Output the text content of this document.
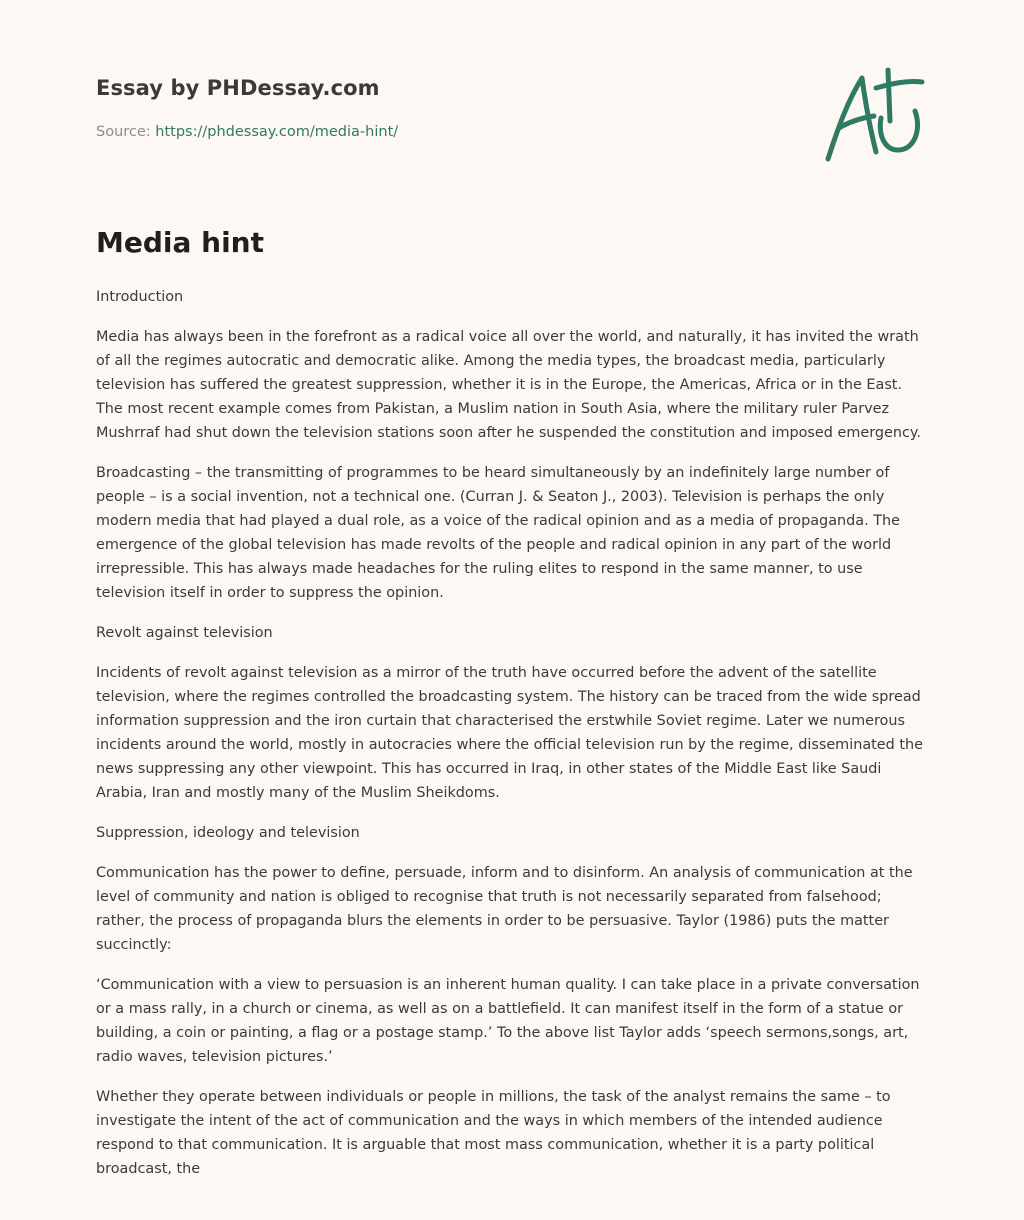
Essay by PHDessay.com
Source: https://phdessay.com/media-hint/
Media hint

Introduction

Media has always been in the forefront as a radical voice all over the world, and naturally, it has invited the wrath of all the regimes autocratic and democratic alike. Among the media types, the broadcast media, particularly television has suffered the greatest suppression, whether it is in the Europe, the Americas, Africa or in the East. The most recent example comes from Pakistan, a Muslim nation in South Asia, where the military ruler Parvez Mushrraf had shut down the television stations soon after he suspended the constitution and imposed emergency.

Broadcasting – the transmitting of programmes to be heard simultaneously by an indefinitely large number of people – is a social invention, not a technical one. (Curran J. & Seaton J., 2003). Television is perhaps the only modern media that had played a dual role, as a voice of the radical opinion and as a media of propaganda. The emergence of the global television has made revolts of the people and radical opinion in any part of the world irrepressible. This has always made headaches for the ruling elites to respond in the same manner, to use television itself in order to suppress the opinion.

Revolt against television

Incidents of revolt against television as a mirror of the truth have occurred before the advent of the satellite television, where the regimes controlled the broadcasting system. The history can be traced from the wide spread information suppression and the iron curtain that characterised the erstwhile Soviet regime. Later we numerous incidents around the world, mostly in autocracies where the official television run by the regime, disseminated the news suppressing any other viewpoint. This has occurred in Iraq, in other states of the Middle East like Saudi Arabia, Iran and mostly many of the Muslim Sheikdoms.

Suppression, ideology and television

Communication has the power to define, persuade, inform and to disinform. An analysis of communication at the level of community and nation is obliged to recognise that truth is not necessarily separated from falsehood; rather, the process of propaganda blurs the elements in order to be persuasive. Taylor (1986) puts the matter succinctly:

‘Communication with a view to persuasion is an inherent human quality. I can take place in a private conversation or a mass rally, in a church or cinema, as well as on a battlefield. It can manifest itself in the form of a statue or building, a coin or painting, a flag or a postage stamp.’ To the above list Taylor adds ‘speech sermons,songs, art, radio waves, television pictures.’

Whether they operate between individuals or people in millions, the task of the analyst remains the same – to investigate the intent of the act of communication and the ways in which members of the intended audience respond to that communication. It is arguable that most mass communication, whether it is a party political broadcast, the
